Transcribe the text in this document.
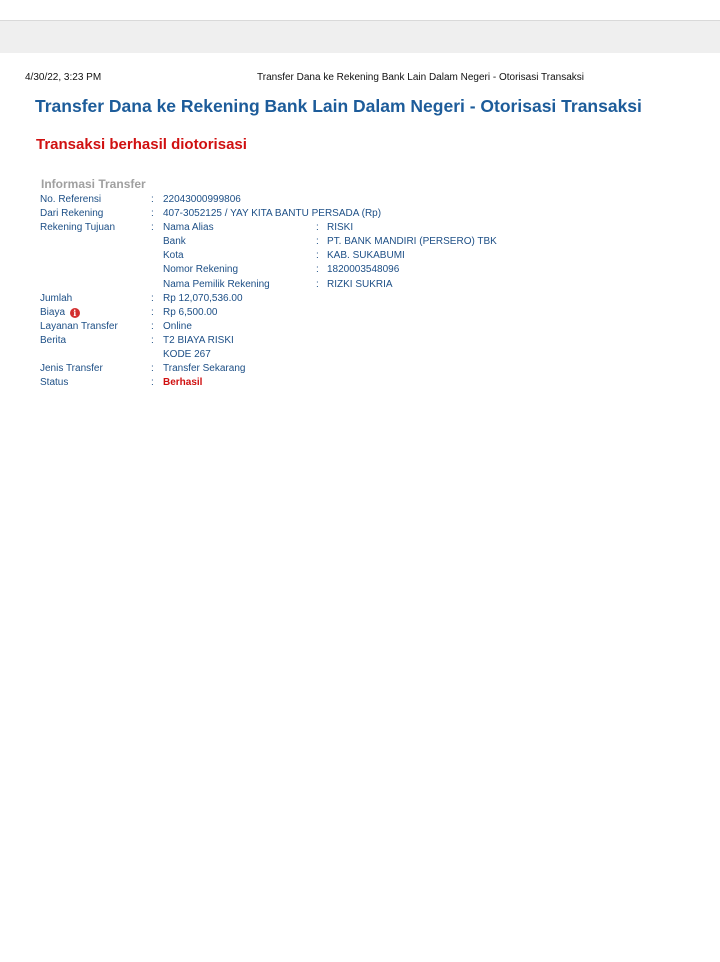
4/30/22, 3:23 PM	Transfer Dana ke Rekening Bank Lain Dalam Negeri - Otorisasi Transaksi
Transfer Dana ke Rekening Bank Lain Dalam Negeri - Otorisasi Transaksi
Transaksi berhasil diotorisasi
Informasi Transfer
No. Referensi	: 22043000999806
Dari Rekening	: 407-3052125 / YAY KITA BANTU PERSADA (Rp)
Rekening Tujuan	: Nama Alias	: RISKI
Bank	: PT. BANK MANDIRI (PERSERO) TBK
Kota	: KAB. SUKABUMI
Nomor Rekening	: 1820003548096
Nama Pemilik Rekening	: RIZKI SUKRIA
Jumlah	: Rp 12,070,536.00
Biaya i	: Rp 6,500.00
Layanan Transfer	: Online
Berita	: T2 BIAYA RISKI
KODE 267
Jenis Transfer	: Transfer Sekarang
Status	: Berhasil
